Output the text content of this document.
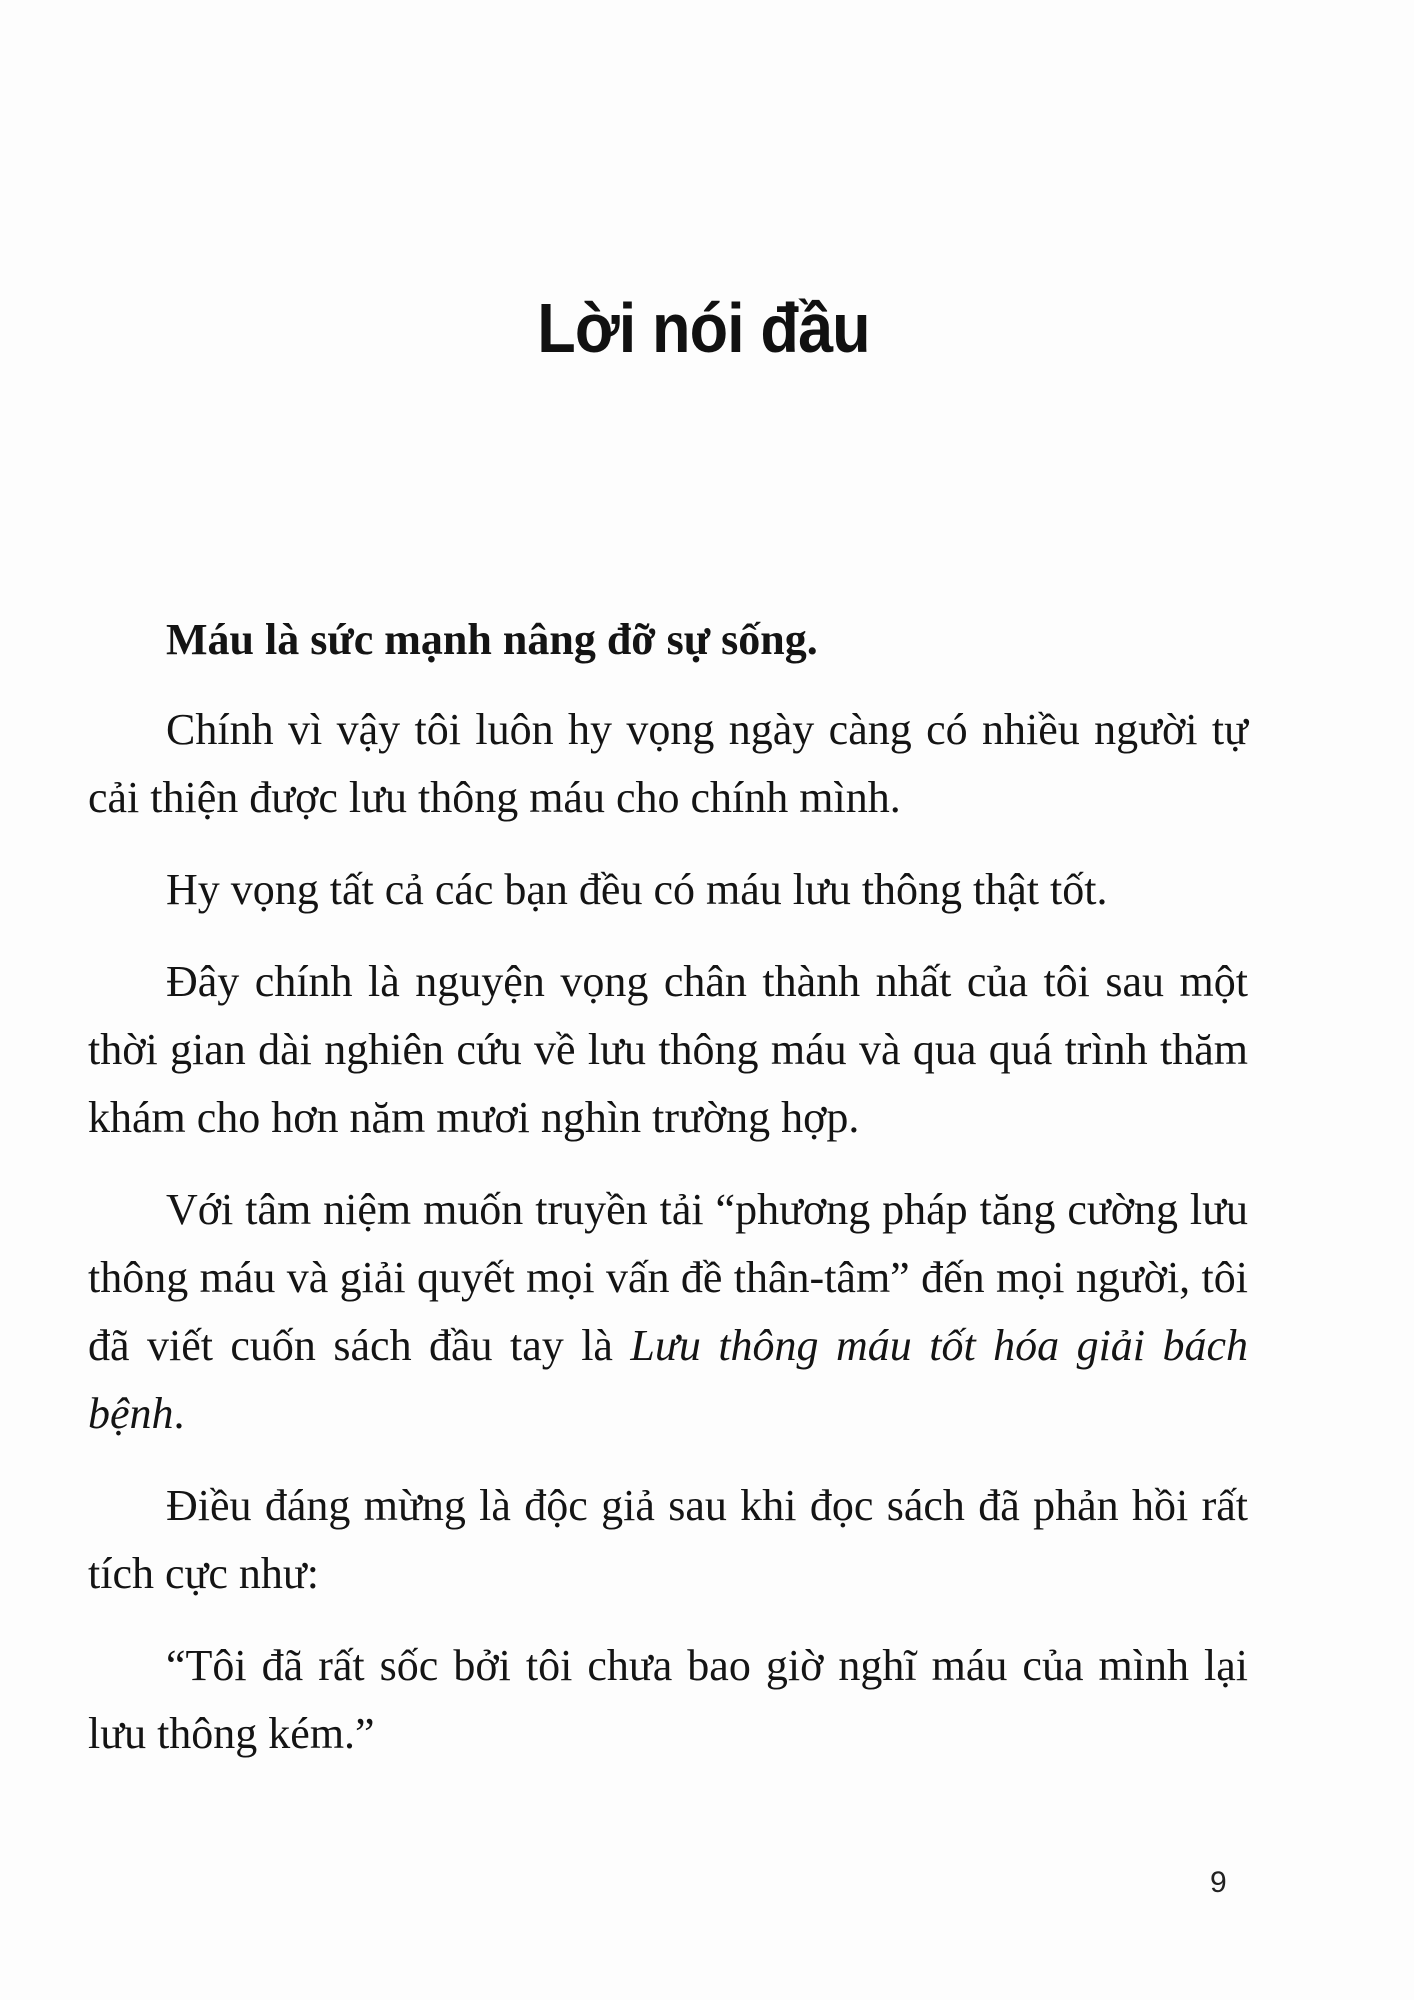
Lời nói đầu

Máu là sức mạnh nâng đỡ sự sống.

Chính vì vậy tôi luôn hy vọng ngày càng có nhiều người tự cải thiện được lưu thông máu cho chính mình.

Hy vọng tất cả các bạn đều có máu lưu thông thật tốt.

Đây chính là nguyện vọng chân thành nhất của tôi sau một thời gian dài nghiên cứu về lưu thông máu và qua quá trình thăm khám cho hơn năm mươi nghìn trường hợp.

Với tâm niệm muốn truyền tải “phương pháp tăng cường lưu thông máu và giải quyết mọi vấn đề thân-tâm” đến mọi người, tôi đã viết cuốn sách đầu tay là Lưu thông máu tốt hóa giải bách bệnh.

Điều đáng mừng là độc giả sau khi đọc sách đã phản hồi rất tích cực như:

“Tôi đã rất sốc bởi tôi chưa bao giờ nghĩ máu của mình lại lưu thông kém.”

9
